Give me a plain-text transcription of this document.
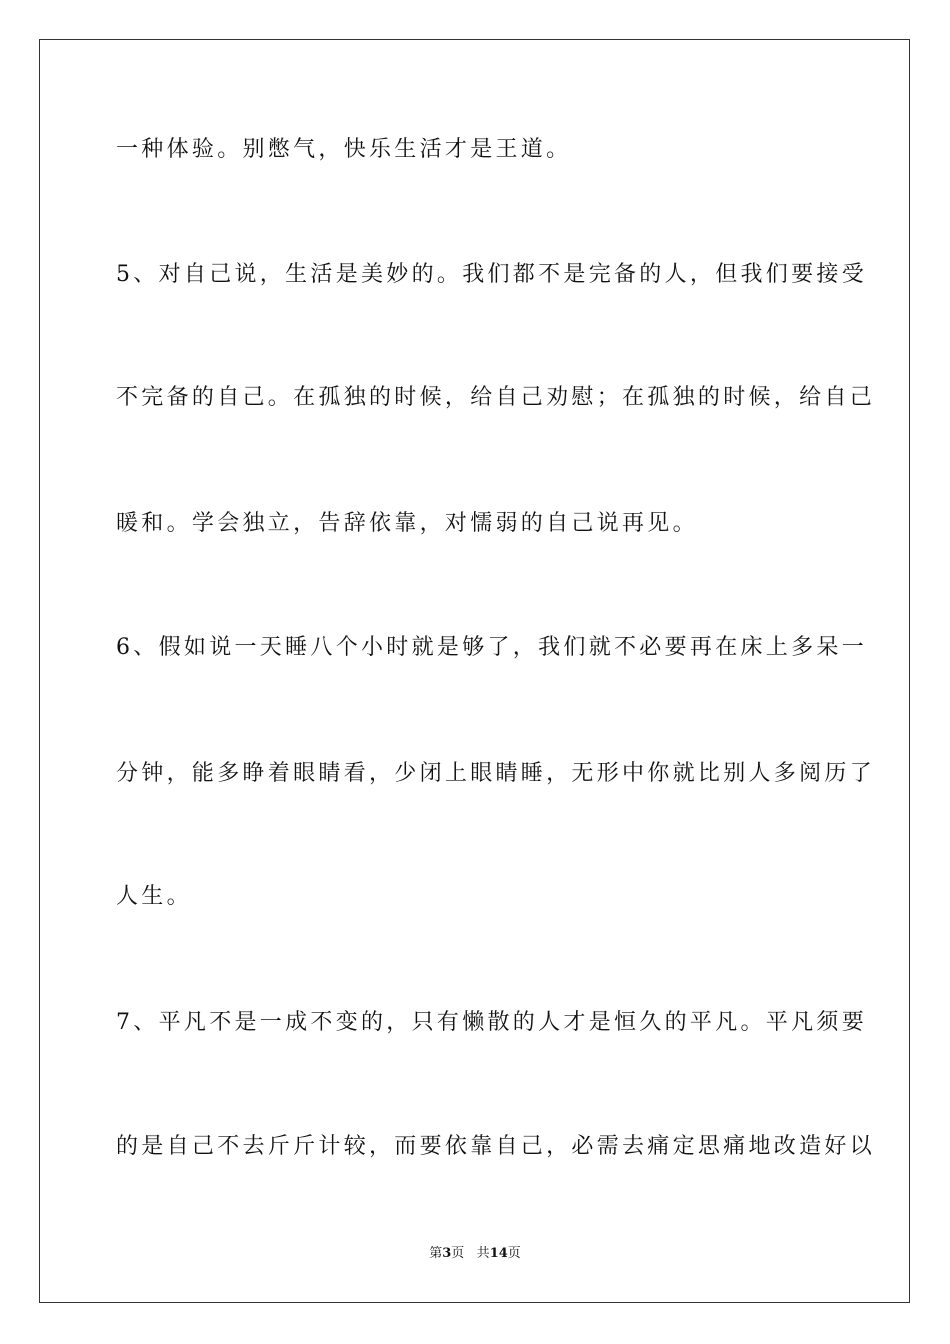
一种体验。别憋气，快乐生活才是王道。
5、对自己说，生活是美妙的。我们都不是完备的人，但我们要接受
不完备的自己。在孤独的时候，给自己劝慰；在孤独的时候，给自己
暖和。学会独立，告辞依靠，对懦弱的自己说再见。
6、假如说一天睡八个小时就是够了，我们就不必要再在床上多呆一
分钟，能多睁着眼睛看，少闭上眼睛睡，无形中你就比别人多阅历了
人生。
7、平凡不是一成不变的，只有懒散的人才是恒久的平凡。平凡须要
的是自己不去斤斤计较，而要依靠自己，必需去痛定思痛地改造好以
第3页 共14页
